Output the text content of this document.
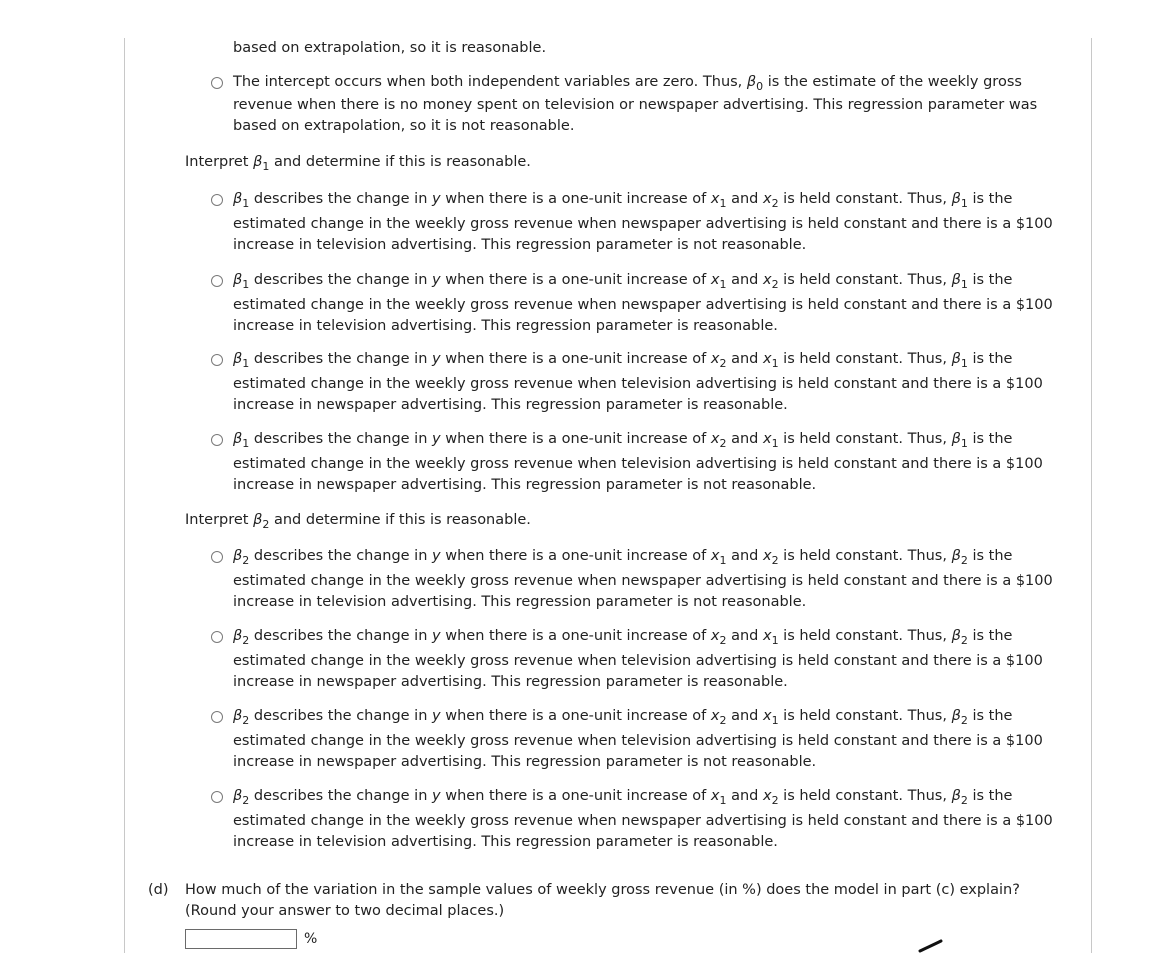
based on extrapolation, so it is reasonable.
The intercept occurs when both independent variables are zero. Thus, $\beta_0$ is the estimate of the weekly gross
revenue when there is no money spent on television or newspaper advertising. This regression parameter was based on extrapolation, so it is not reasonable.
Interpret $\beta_1$ and determine if this is reasonable.
$\beta_1$ describes the change in y when there is a one-unit increase of $x_1$ and $x_2$ is held constant. Thus, $\beta_1$ is the
estimated change in the weekly gross revenue when newspaper advertising is held constant and there is a $100 increase in television advertising. This regression parameter is not reasonable.
$\beta_1$ describes the change in y when there is a one-unit increase of $x_1$ and $x_2$ is held constant. Thus, $\beta_1$ is the
estimated change in the weekly gross revenue when newspaper advertising is held constant and there is a $100 increase in television advertising. This regression parameter is reasonable.
$\beta_1$ describes the change in y when there is a one-unit increase of $x_2$ and $x_1$ is held constant. Thus, $\beta_1$ is the
estimated change in the weekly gross revenue when television advertising is held constant and there is a $100 increase in newspaper advertising. This regression parameter is reasonable.
$\beta_1$ describes the change in y when there is a one-unit increase of $x_2$ and $x_1$ is held constant. Thus, $\beta_1$ is the
estimated change in the weekly gross revenue when television advertising is held constant and there is a $100 increase in newspaper advertising. This regression parameter is not reasonable.
Interpret $\beta_2$ and determine if this is reasonable.
$\beta_2$ describes the change in y when there is a one-unit increase of $x_1$ and $x_2$ is held constant. Thus, $\beta_2$ is the
estimated change in the weekly gross revenue when newspaper advertising is held constant and there is a $100 increase in television advertising. This regression parameter is not reasonable.
$\beta_2$ describes the change in y when there is a one-unit increase of $x_2$ and $x_1$ is held constant. Thus, $\beta_2$ is the
estimated change in the weekly gross revenue when television advertising is held constant and there is a $100 increase in newspaper advertising. This regression parameter is reasonable.
$\beta_2$ describes the change in y when there is a one-unit increase of $x_2$ and $x_1$ is held constant. Thus, $\beta_2$ is the
estimated change in the weekly gross revenue when television advertising is held constant and there is a $100 increase in newspaper advertising. This regression parameter is not reasonable.
$\beta_2$ describes the change in y when there is a one-unit increase of $x_1$ and $x_2$ is held constant. Thus, $\beta_2$ is the
estimated change in the weekly gross revenue when newspaper advertising is held constant and there is a $100 increase in television advertising. This regression parameter is reasonable.
(d) How much of the variation in the sample values of weekly gross revenue (in %) does the model in part (c) explain?
(Round your answer to two decimal places.)
%
